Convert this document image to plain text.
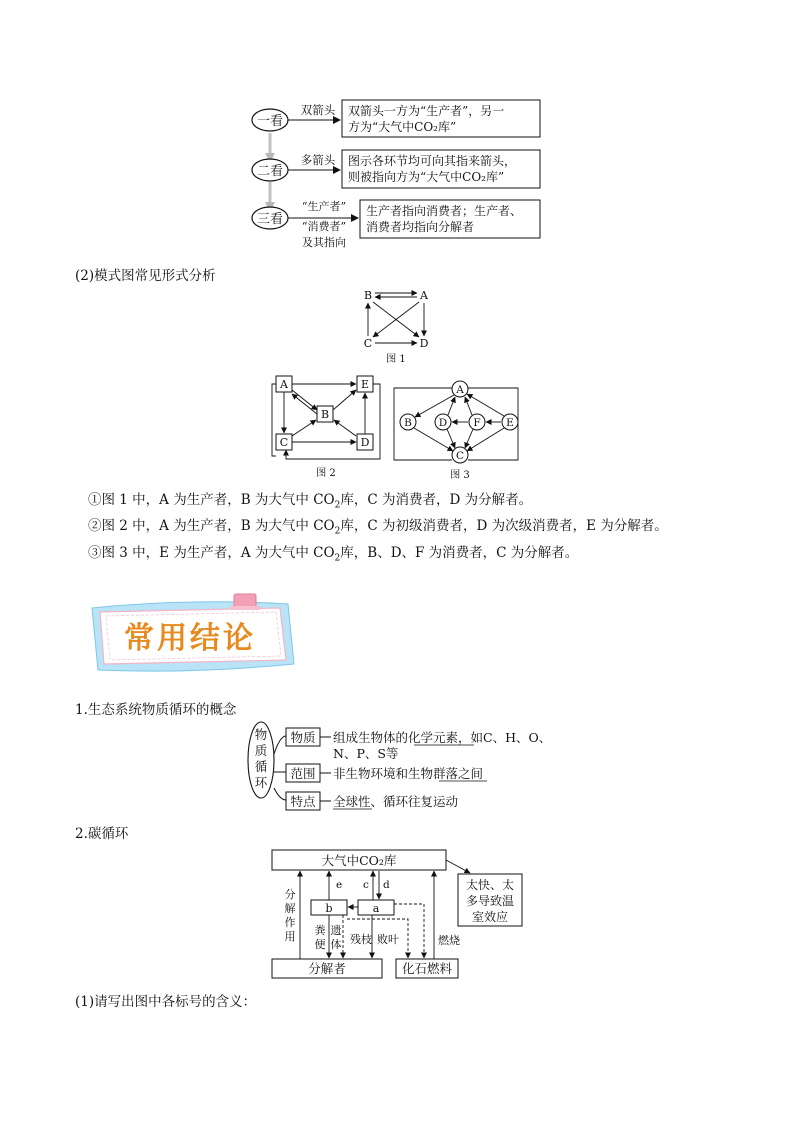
一看
双箭头 双箭头一方为“生产者”，另一
方为“大气中CO₂库”
二看
多箭头 图示各环节均可向其指来箭头，
则被指向方为“大气中CO₂库”
三看
“生产者”
“消费者”
及其指向
生产者指向消费者；生产者、
消费者均指向分解者
(2)模式图常见形式分析
B	A
C	D
图 1
A	E
B
C	D
图 2
A
B	D F E
C
图 3
①图 1 中，A 为生产者，B 为大气中 $CO_2$库，C 为消费者，D 为分解者。
②图 2 中，A 为生产者，B 为大气中 $CO_2$库，C 为初级消费者，D 为次级消费者，E 为分解者。
③图 3 中，E 为生产者，A 为大气中 $CO_2$库，B、D、F 为消费者，C 为分解者。
常用结论
1.生态系统物质循环的概念
物
质
循
环
物质
范围
特点
组成生物体的化学元素，如C、H、O、
N、P、S等
非生物环境和生物群落之间
全球性、循环往复运动
2.碳循环
大气中CO₂库
分解者	化石燃料
b	a
分
解
作
用
e c d
粪
便
遗
体 残枝 败叶	燃烧
太快、太
多导致温
室效应
(1)请写出图中各标号的含义：
